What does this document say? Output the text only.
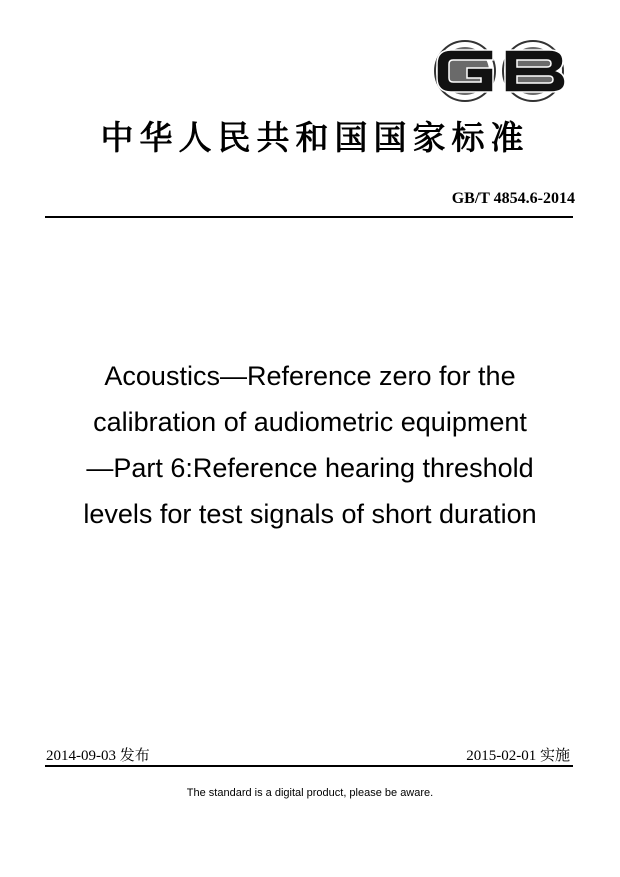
中华人民共和国国家标准
GB/T 4854.6-2014
Acoustics—Reference zero for the
calibration of audiometric equipment
—Part 6:Reference hearing threshold
levels for test signals of short duration
2014-09-03 发布	2015-02-01 实施
The standard is a digital product, please be aware.
